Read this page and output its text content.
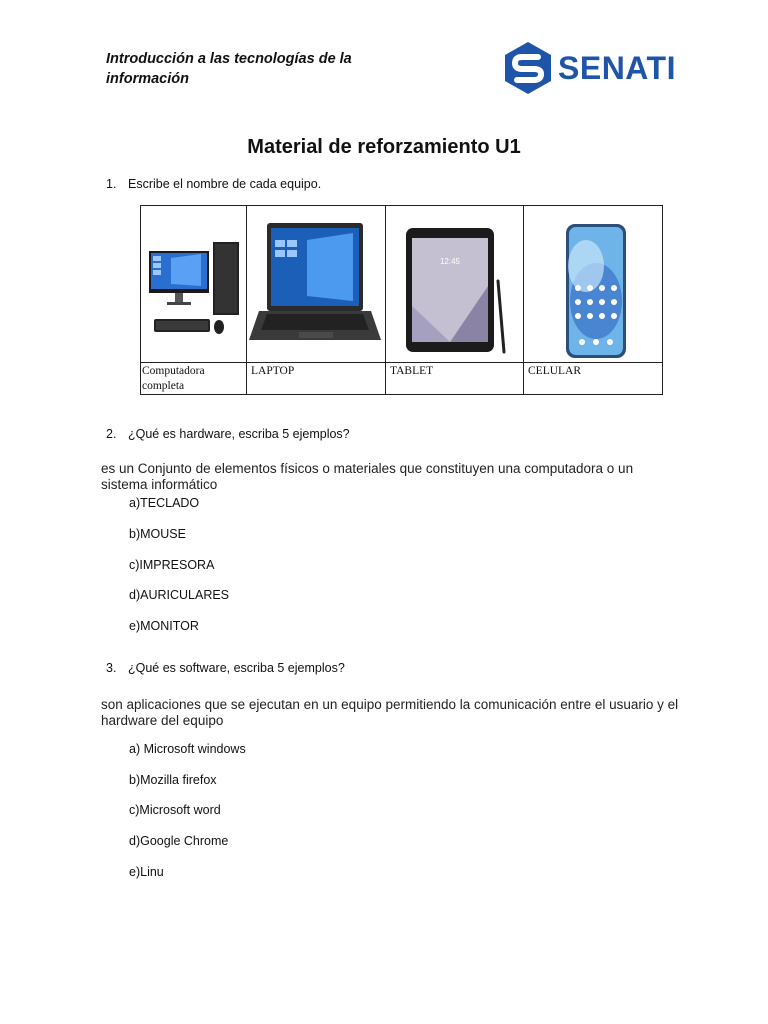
Introducción a las tecnologías de la información	SENATI
Material de reforzamiento U1
1. Escribe el nombre de cada equipo.

12:45

Computadora completa	LAPTOP	TABLET	CELULAR
2. ¿Qué es hardware, escriba 5 ejemplos?
es un Conjunto de elementos físicos o materiales que constituyen una computadora o un sistema informático
a)TECLADO
b)MOUSE
c)IMPRESORA
d)AURICULARES
e)MONITOR
3. ¿Qué es software, escriba 5 ejemplos?
son aplicaciones que se ejecutan en un equipo permitiendo la comunicación entre el usuario y el hardware del equipo
a) Microsoft windows
b)Mozilla firefox
c)Microsoft word
d)Google Chrome
e)Linu
